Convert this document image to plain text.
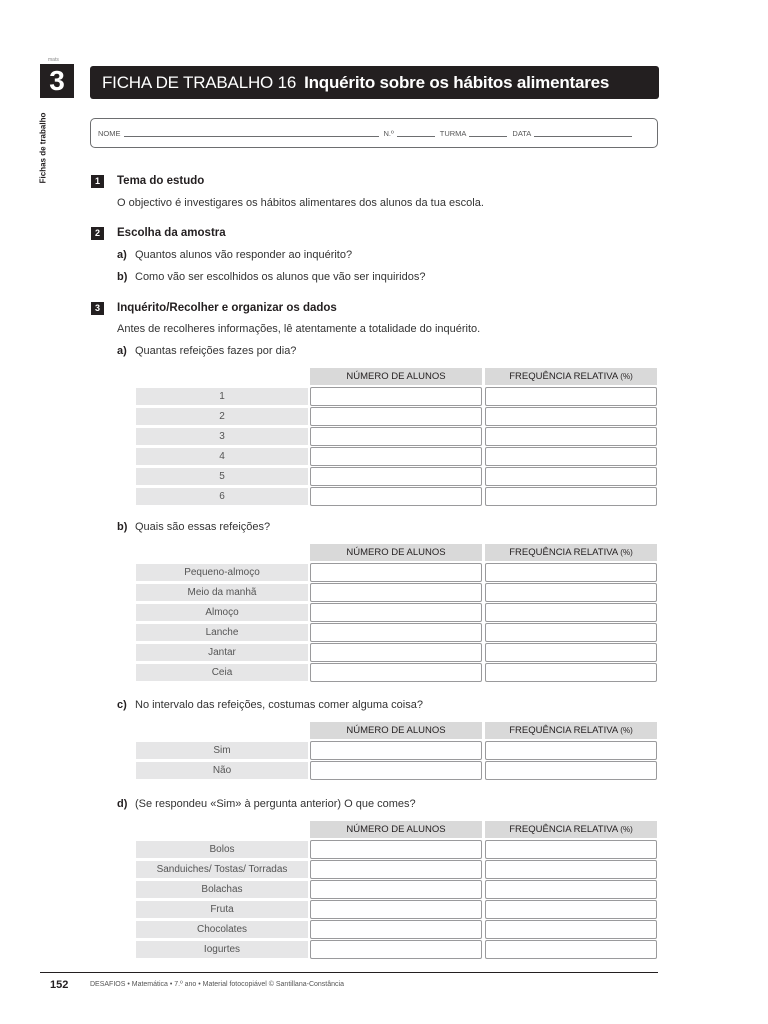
mats
3
Fichas de trabalho
FICHA DE TRABALHO 16 Inquérito sobre os hábitos alimentares
NOME	N.º	TURMA	DATA
1	Tema do estudo
O objectivo é investigares os hábitos alimentares dos alunos da tua escola.
2	Escolha da amostra
a) Quantos alunos vão responder ao inquérito?
b) Como vão ser escolhidos os alunos que vão ser inquiridos?
3	Inquérito/Recolher e organizar os dados
Antes de recolheres informações, lê atentamente a totalidade do inquérito.
a) Quantas refeições fazes por dia?
NÚMERO DE ALUNOS	FREQUÊNCIA RELATIVA (%)
1
2
3
4
5
6
b) Quais são essas refeições?
NÚMERO DE ALUNOS	FREQUÊNCIA RELATIVA (%)
Pequeno-almoço
Meio da manhã
Almoço
Lanche
Jantar
Ceia
c) No intervalo das refeições, costumas comer alguma coisa?
NÚMERO DE ALUNOS	FREQUÊNCIA RELATIVA (%)
Sim
Não
d) (Se respondeu «Sim» à pergunta anterior) O que comes?
NÚMERO DE ALUNOS	FREQUÊNCIA RELATIVA (%)
Bolos
Sanduiches/ Tostas/ Torradas
Bolachas
Fruta
Chocolates
Iogurtes
152	DESAFIOS • Matemática • 7.º ano • Material fotocopiável © Santillana-Constância
